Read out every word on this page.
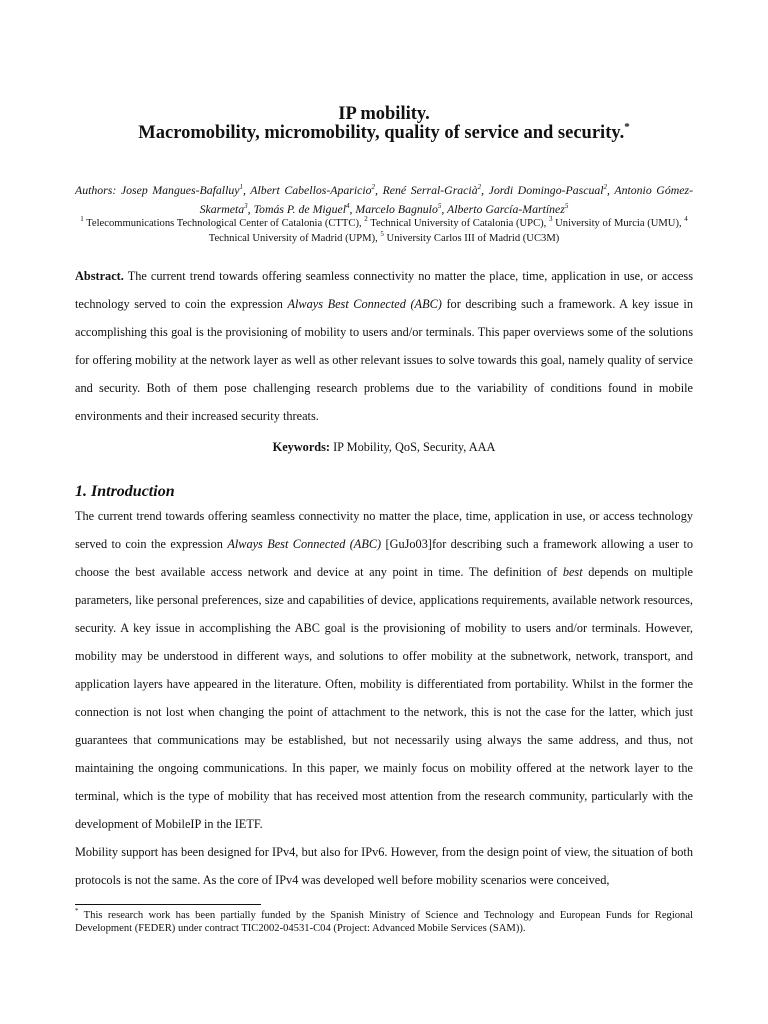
IP mobility.
Macromobility, micromobility, quality of service and security.*
Authors: Josep Mangues-Bafalluy$^1$, Albert Cabellos-Aparicio$^2$, René Serral-Gracià$^2$, Jordi Domingo-Pascual$^2$, Antonio Gómez-Skarmeta$^3$, Tomás P. de Miguel$^4$, Marcelo Bagnulo$^5$, Alberto García-Martínez$^5$
$^1$ Telecommunications Technological Center of Catalonia (CTTC), $^2$ Technical University of Catalonia (UPC), $^3$ University of Murcia (UMU), $^4$ Technical University of Madrid (UPM), $^5$ University Carlos III of Madrid (UC3M)
Abstract. The current trend towards offering seamless connectivity no matter the place, time, application in use, or access technology served to coin the expression Always Best Connected (ABC) for describing such a framework. A key issue in accomplishing this goal is the provisioning of mobility to users and/or terminals. This paper overviews some of the solutions for offering mobility at the network layer as well as other relevant issues to solve towards this goal, namely quality of service and security. Both of them pose challenging research problems due to the variability of conditions found in mobile environments and their increased security threats.
Keywords: IP Mobility, QoS, Security, AAA
1. Introduction
The current trend towards offering seamless connectivity no matter the place, time, application in use, or access technology served to coin the expression Always Best Connected (ABC) [GuJo03]for describing such a framework allowing a user to choose the best available access network and device at any point in time. The definition of best depends on multiple parameters, like personal preferences, size and capabilities of device, applications requirements, available network resources, security. A key issue in accomplishing the ABC goal is the provisioning of mobility to users and/or terminals. However, mobility may be understood in different ways, and solutions to offer mobility at the subnetwork, network, transport, and application layers have appeared in the literature. Often, mobility is differentiated from portability. Whilst in the former the connection is not lost when changing the point of attachment to the network, this is not the case for the latter, which just guarantees that communications may be established, but not necessarily using always the same address, and thus, not maintaining the ongoing communications. In this paper, we mainly focus on mobility offered at the network layer to the terminal, which is the type of mobility that has received most attention from the research community, particularly with the development of MobileIP in the IETF.
Mobility support has been designed for IPv4, but also for IPv6. However, from the design point of view, the situation of both protocols is not the same. As the core of IPv4 was developed well before mobility scenarios were conceived,
* This research work has been partially funded by the Spanish Ministry of Science and Technology and European Funds for Regional Development (FEDER) under contract TIC2002-04531-C04 (Project: Advanced Mobile Services (SAM)).
